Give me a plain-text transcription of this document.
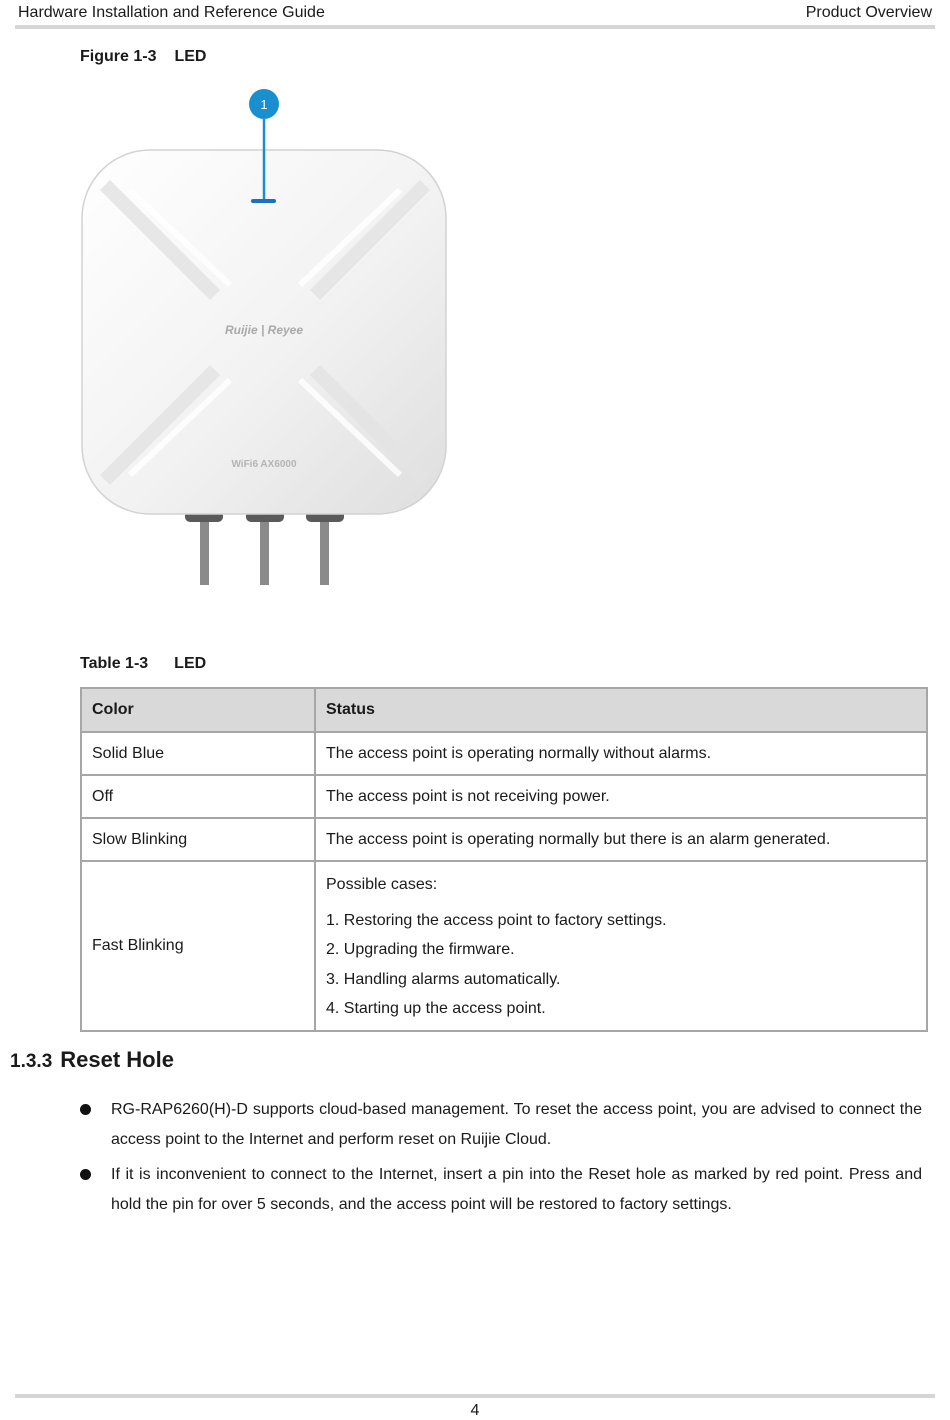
Hardware Installation and Reference Guide	Product Overview
Figure 1-3 LED
1
Ruijie | Reyee
WiFi6 AX6000
Table 1-3 LED
Color	Status
Solid Blue	The access point is operating normally without alarms.
Off	The access point is not receiving power.
Slow Blinking	The access point is operating normally but there is an alarm generated.
Fast Blinking	Possible cases:
1. Restoring the access point to factory settings.
2. Upgrading the firmware.
3. Handling alarms automatically.
4. Starting up the access point.
1.3.3 Reset Hole
RG-RAP6260(H)-D supports cloud-based management. To reset the access point, you are advised to connect the access point to the Internet and perform reset on Ruijie Cloud.
If it is inconvenient to connect to the Internet, insert a pin into the Reset hole as marked by red point. Press and hold the pin for over 5 seconds, and the access point will be restored to factory settings.
4
